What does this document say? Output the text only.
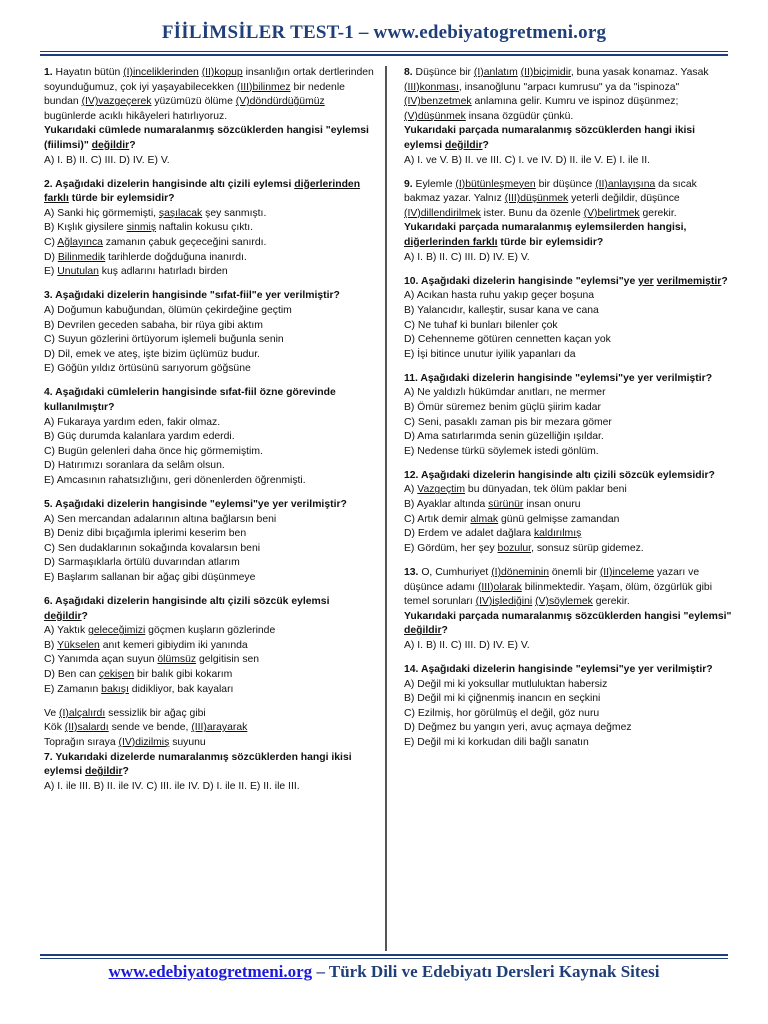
FİİLİMSİLER TEST-1 – www.edebiyatogretmeni.org

1. Hayatın bütün (I)inceliklerinden (II)kopup insanlığın ortak dertlerinden soyunduğumuz, çok iyi yaşayabilecekken (III)bilinmez bir nedenle bundan (IV)vazgeçerek yüzümüzü ölüme (V)döndürdüğümüz bugünlerde acıklı hikâyeleri hatırlıyoruz.

Yukarıdaki cümlede numaralanmış sözcüklerden hangisi "eylemsi (fiilimsi)" değildir?

A) I. B) II. C) III. D) IV. E) V.

2. Aşağıdaki dizelerin hangisinde altı çizili eylemsi diğerlerinden farklı türde bir eylemsidir?

A) Sanki hiç görmemişti, şaşılacak şey sanmıştı.

B) Kışlık giysilere sinmiş naftalin kokusu çıktı.

C) Ağlayınca zamanın çabuk geçeceğini sanırdı.

D) Bilinmedik tarihlerde doğduğuna inanırdı.

E) Unutulan kuş adlarını hatırladı birden

3. Aşağıdaki dizelerin hangisinde "sıfat-fiil"e yer verilmiştir?

A) Doğumun kabuğundan, ölümün çekirdeğine geçtim

B) Devrilen geceden sabaha, bir rüya gibi aktım

C) Suyun gözlerini örtüyorum işlemeli buğunla senin

D) Dil, emek ve ateş, işte bizim üçlümüz budur.

E) Göğün yıldız örtüsünü sarıyorum göğsüne

4. Aşağıdaki cümlelerin hangisinde sıfat-fiil özne görevinde kullanılmıştır?

A) Fukaraya yardım eden, fakir olmaz.

B) Güç durumda kalanlara yardım ederdi.

C) Bugün gelenleri daha önce hiç görmemiştim.

D) Hatırımızı soranlara da selâm olsun.

E) Amcasının rahatsızlığını, geri dönenlerden öğrenmişti.

5. Aşağıdaki dizelerin hangisinde "eylemsi"ye yer verilmiştir?

A) Sen mercandan adalarının altına bağlarsın beni

B) Deniz dibi bıçağımla iplerimi keserim ben

C) Sen dudaklarının sokağında kovalarsın beni

D) Sarmaşıklarla örtülü duvarından atlarım

E) Başlarım sallanan bir ağaç gibi düşünmeye

6. Aşağıdaki dizelerin hangisinde altı çizili sözcük eylemsi değildir?

A) Yaktık geleceğimizi göçmen kuşların gözlerinde

B) Yükselen anıt kemeri gibiydim iki yanında

C) Yanımda açan suyun ölümsüz gelgitisin sen

D) Ben can çekişen bir balık gibi kokarım

E) Zamanın bakışı didikliyor, bak kayaları

Ve (I)alçalırdı sessizlik bir ağaç gibi

Kök (II)salardı sende ve bende, (III)arayarak

Toprağın sıraya (IV)dizilmiş suyunu

7. Yukarıdaki dizelerde numaralanmış sözcüklerden hangi ikisi eylemsi değildir?

A) I. ile III. B) II. ile IV. C) III. ile IV. D) I. ile II. E) II. ile III.

8. Düşünce bir (I)anlatım (II)biçimidir, buna yasak konamaz. Yasak (III)konması, insanoğlunu "arpacı kumrusu" ya da "ispinoza" (IV)benzetmek anlamına gelir. Kumru ve ispinoz düşünmez; (V)düşünmek insana özgüdür çünkü.

Yukarıdaki parçada numaralanmış sözcüklerden hangi ikisi eylemsi değildir?

A) I. ve V. B) II. ve III. C) I. ve IV. D) II. ile V. E) I. ile II.

9. Eylemle (I)bütünleşmeyen bir düşünce (II)anlayışına da sıcak bakmaz yazar. Yalnız (III)düşünmek yeterli değildir, düşünce (IV)dillendirilmek ister. Bunu da özenle (V)belirtmek gerekir.

Yukarıdaki parçada numaralanmış eylemsilerden hangisi, diğerlerinden farklı türde bir eylemsidir?

A) I. B) II. C) III. D) IV. E) V.

10. Aşağıdaki dizelerin hangisinde "eylemsi"ye yer verilmemiştir?

A) Acıkan hasta ruhu yakıp geçer boşuna

B) Yalancıdır, kalleştir, susar kana ve cana

C) Ne tuhaf ki bunları bilenler çok

D) Cehenneme götüren cennetten kaçan yok

E) İşi bitince unutur iyilik yapanları da

11. Aşağıdaki dizelerin hangisinde "eylemsi"ye yer verilmiştir?

A) Ne yaldızlı hükümdar anıtları, ne mermer

B) Ömür süremez benim güçlü şiirim kadar

C) Seni, pasaklı zaman pis bir mezara gömer

D) Ama satırlarımda senin güzelliğin ışıldar.

E) Nedense türkü söylemek istedi gönlüm.

12. Aşağıdaki dizelerin hangisinde altı çizili sözcük eylemsidir?

A) Vazgeçtim bu dünyadan, tek ölüm paklar beni

B) Ayaklar altında sürünür insan onuru

C) Artık demir almak günü gelmişse zamandan

D) Erdem ve adalet dağlara kaldırılmış

E) Gördüm, her şey bozulur, sonsuz sürüp gidemez.

13. O, Cumhuriyet (I)döneminin önemli bir (II)inceleme yazarı ve düşünce adamı (III)olarak bilinmektedir. Yaşam, ölüm, özgürlük gibi temel sorunları (IV)işlediğini (V)söylemek gerekir.

Yukarıdaki parçada numaralanmış sözcüklerden hangisi "eylemsi" değildir?

A) I. B) II. C) III. D) IV. E) V.

14. Aşağıdaki dizelerin hangisinde "eylemsi"ye yer verilmiştir?

A) Değil mi ki yoksullar mutluluktan habersiz

B) Değil mi ki çiğnenmiş inancın en seçkini

C) Ezilmiş, hor görülmüş el değil, göz nuru

D) Değmez bu yangın yeri, avuç açmaya değmez

E) Değil mi ki korkudan dili bağlı sanatın

www.edebiyatogretmeni.org – Türk Dili ve Edebiyatı Dersleri Kaynak Sitesi
